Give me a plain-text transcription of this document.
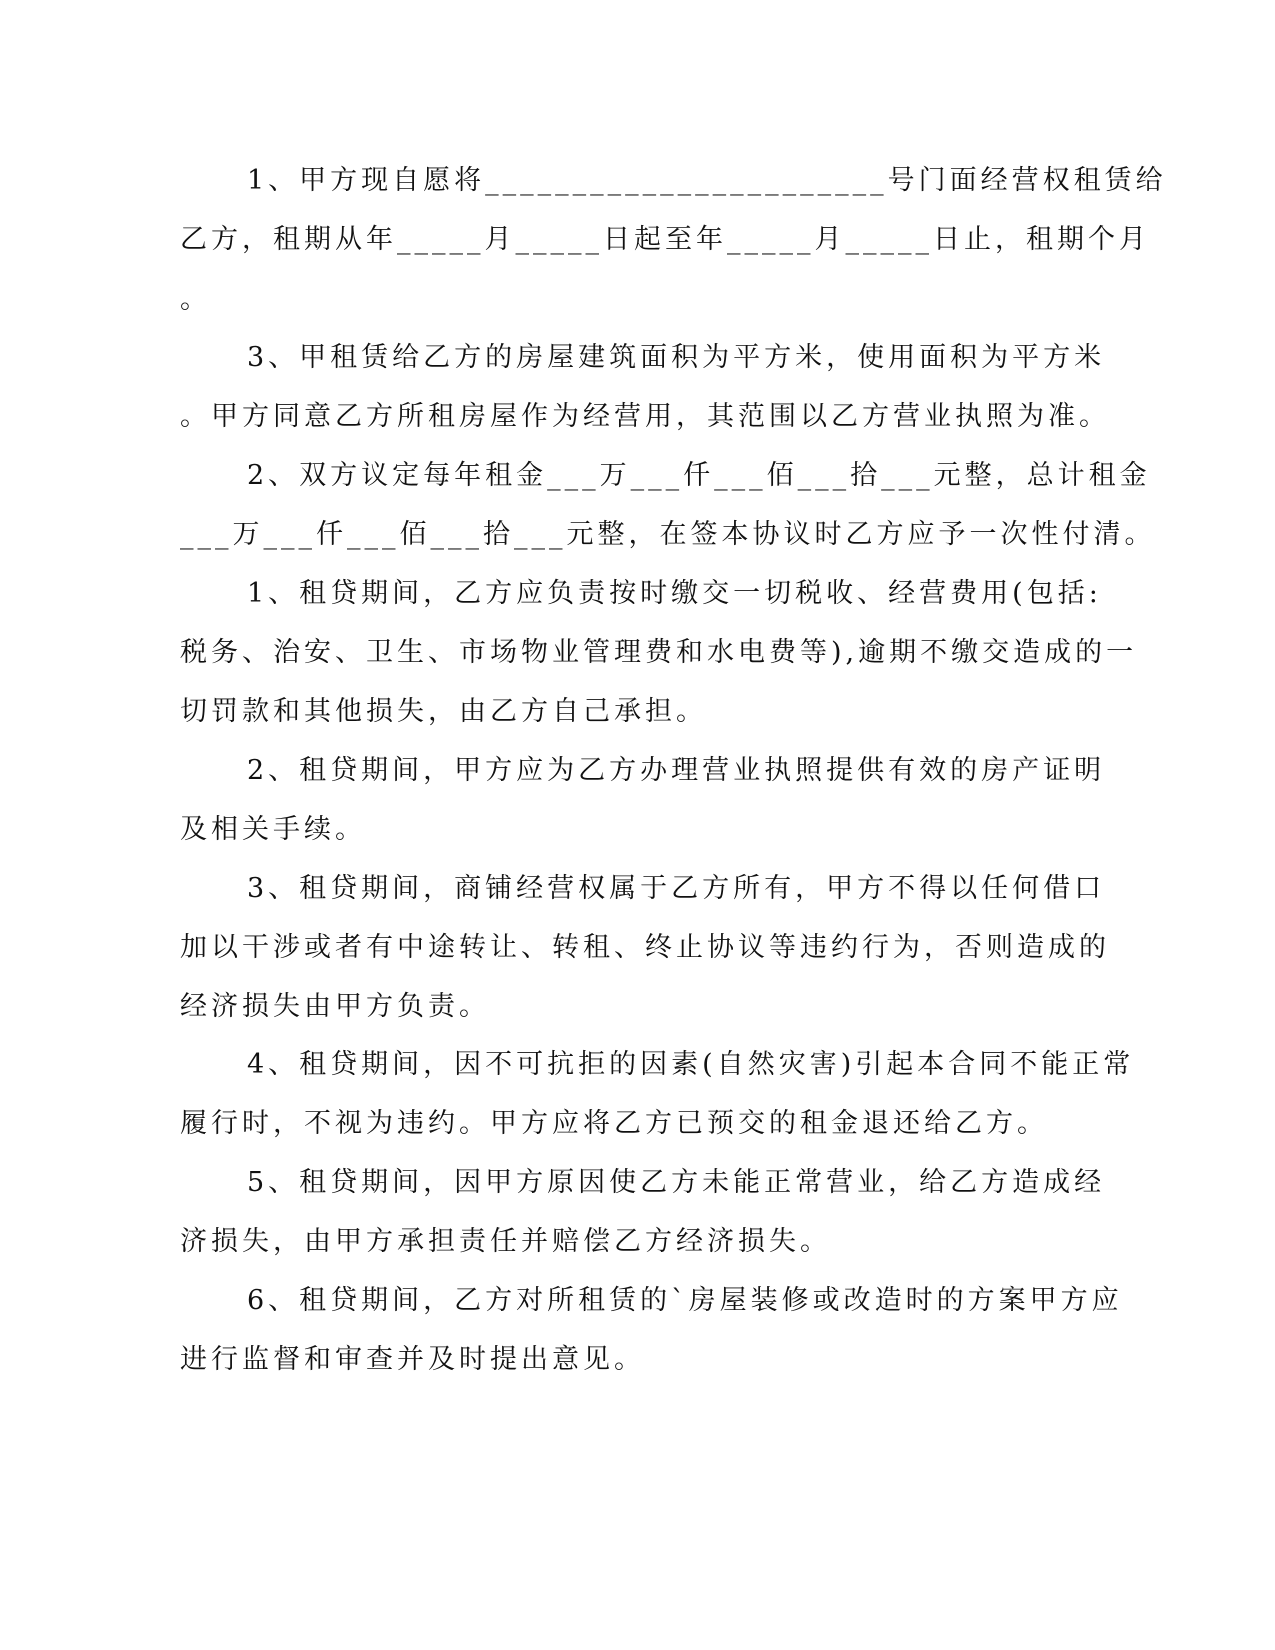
1、甲方现自愿将_______________________号门面经营权租赁给
乙方，租期从年_____月_____日起至年_____月_____日止，租期个月
。
3、甲租赁给乙方的房屋建筑面积为平方米，使用面积为平方米
。甲方同意乙方所租房屋作为经营用，其范围以乙方营业执照为准。
2、双方议定每年租金___万___仟___佰___拾___元整，总计租金
___万___仟___佰___拾___元整，在签本协议时乙方应予一次性付清。
1、租贷期间，乙方应负责按时缴交一切税收、经营费用(包括:
税务、治安、卫生、市场物业管理费和水电费等),逾期不缴交造成的一
切罚款和其他损失，由乙方自己承担。
2、租贷期间，甲方应为乙方办理营业执照提供有效的房产证明
及相关手续。
3、租贷期间，商铺经营权属于乙方所有，甲方不得以任何借口
加以干涉或者有中途转让、转租、终止协议等违约行为，否则造成的
经济损失由甲方负责。
4、租贷期间，因不可抗拒的因素(自然灾害)引起本合同不能正常
履行时，不视为违约。甲方应将乙方已预交的租金退还给乙方。
5、租贷期间，因甲方原因使乙方未能正常营业，给乙方造成经
济损失，由甲方承担责任并赔偿乙方经济损失。
6、租贷期间，乙方对所租赁的`房屋装修或改造时的方案甲方应
进行监督和审查并及时提出意见。
